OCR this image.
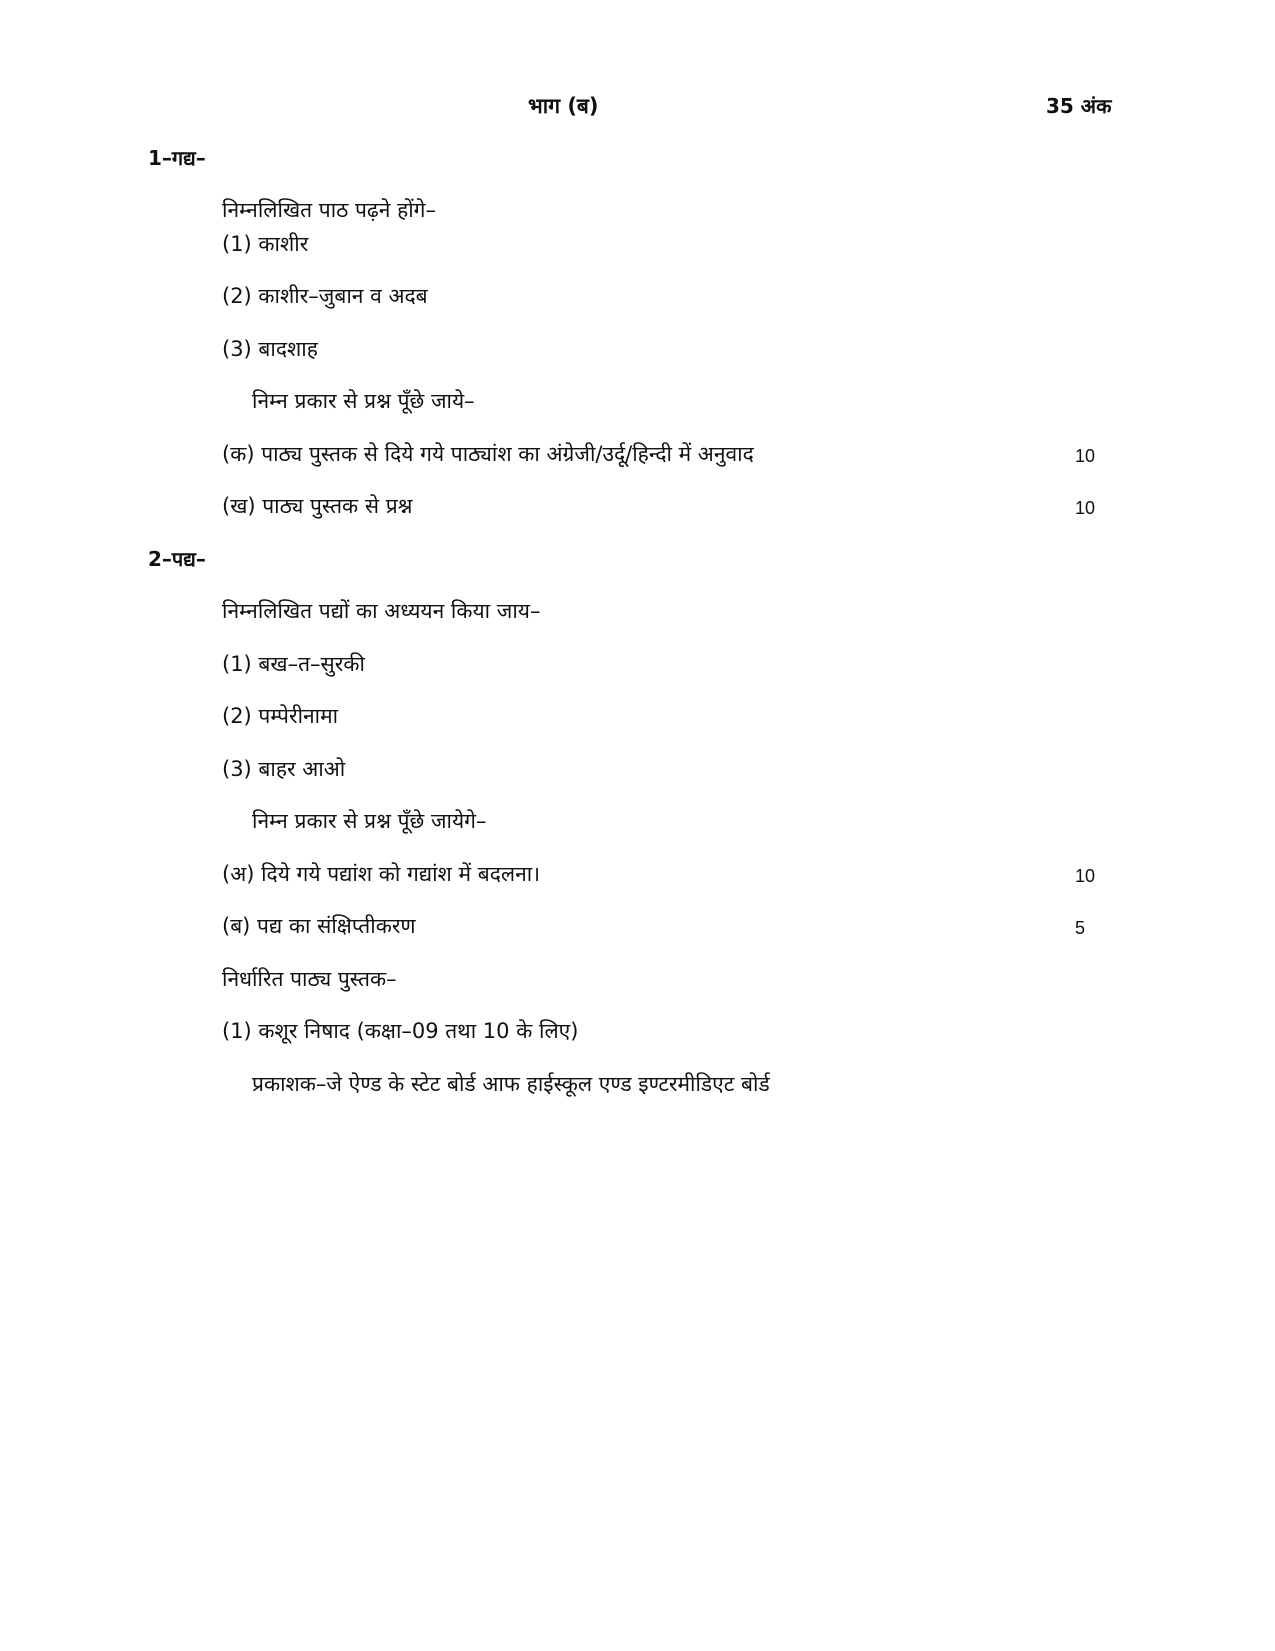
भाग (ब)	35 अंक
1–गद्य–
निम्नलिखित पाठ पढ़ने होंगे–
(1) काशीर
(2) काशीर–जुबान व अदब
(3) बादशाह
निम्न प्रकार से प्रश्न पूँछे जाये–
(क) पाठ्य पुस्तक से दिये गये पाठ्यांश का अंग्रेजी/उर्दू/हिन्दी में अनुवाद	10
(ख) पाठ्य पुस्तक से प्रश्न	10
2–पद्य–
निम्नलिखित पद्यों का अध्ययन किया जाय–
(1) बख–त–सुरकी
(2) पम्पेरीनामा
(3) बाहर आओ
निम्न प्रकार से प्रश्न पूँछे जायेगे–
(अ) दिये गये पद्यांश को गद्यांश में बदलना।	10
(ब) पद्य का संक्षिप्तीकरण	5
निर्धारित पाठ्य पुस्तक–
(1) कशूर निषाद (कक्षा–09 तथा 10 के लिए)
प्रकाशक–जे ऐण्ड के स्टेट बोर्ड आफ हाईस्कूल एण्ड इण्टरमीडिएट बोर्ड
